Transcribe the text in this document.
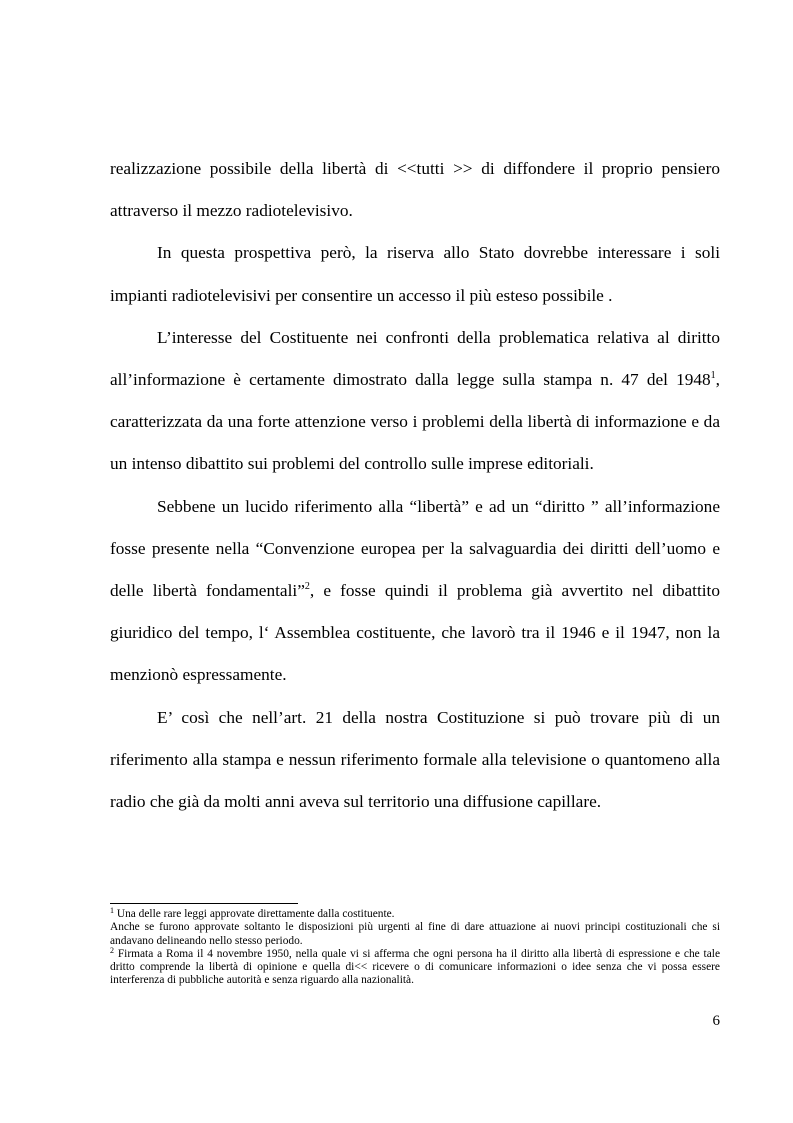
realizzazione possibile della libertà di <<tutti >> di diffondere il proprio pensiero attraverso il mezzo radiotelevisivo.

In questa prospettiva però, la riserva allo Stato dovrebbe interessare i soli impianti radiotelevisivi per consentire un accesso il più esteso possibile .

L’interesse del Costituente nei confronti della problematica relativa al diritto all’informazione è certamente dimostrato dalla legge sulla stampa n. 47 del 1948$^1$, caratterizzata da una forte attenzione verso i problemi della libertà di informazione e da un intenso dibattito sui problemi del controllo sulle imprese editoriali.

Sebbene un lucido riferimento alla “libertà” e ad un “diritto ” all’informazione fosse presente nella “Convenzione europea per la salvaguardia dei diritti dell’uomo e delle libertà fondamentali”$^2$, e fosse quindi il problema già avvertito nel dibattito giuridico del tempo, l‘ Assemblea costituente, che lavorò tra il 1946 e il 1947, non la menzionò espressamente.

E’ così che nell’art. 21 della nostra Costituzione si può trovare più di un riferimento alla stampa e nessun riferimento formale alla televisione o quantomeno alla radio che già da molti anni aveva sul territorio una diffusione capillare.

$^1$ Una delle rare leggi approvate direttamente dalla costituente.

Anche se furono approvate soltanto le disposizioni più urgenti al fine di dare attuazione ai nuovi principi costituzionali che si andavano delineando nello stesso periodo.

$^2$ Firmata a Roma il 4 novembre 1950, nella quale vi si afferma che ogni persona ha il diritto alla libertà di espressione e che tale dritto comprende la libertà di opinione e quella di<< ricevere o di comunicare informazioni o idee senza che vi possa essere interferenza di pubbliche autorità e senza riguardo alla nazionalità.

6
